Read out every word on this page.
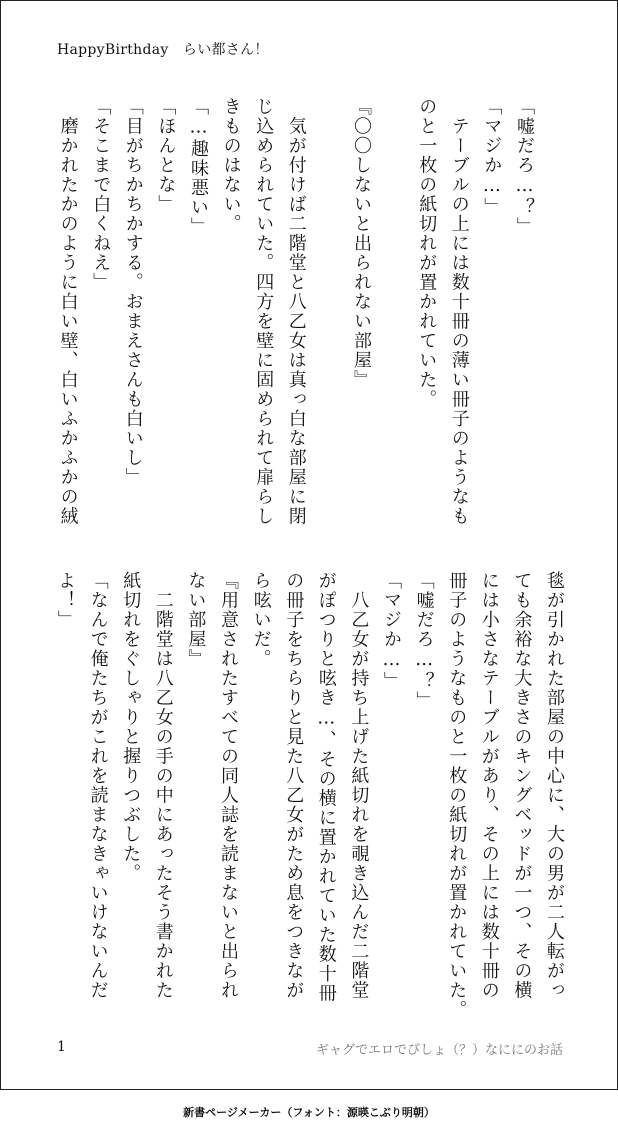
HappyBirthday　らい都さん！
「嘘だろ…？」
「マジか…」
　テーブルの上には数十冊の薄い冊子のようなも
のと一枚の紙切れが置かれていた。
『〇〇しないと出られない部屋』
　気が付けば二階堂と八乙女は真っ白な部屋に閉
じ込められていた。四方を壁に固められて扉らし
きものはない。
「…趣味悪い」
「ほんとな」
「目がちかちかする。おまえさんも白いし」
「そこまで白くねえ」
　磨かれたかのように白い壁、白いふかふかの絨
毯が引かれた部屋の中心に、大の男が二人転がっ
ても余裕な大きさのキングベッドが一つ、その横
には小さなテーブルがあり、その上には数十冊の
冊子のようなものと一枚の紙切れが置かれていた。
「嘘だろ…？」
「マジか…」
　八乙女が持ち上げた紙切れを覗き込んだ二階堂
がぽつりと呟き…、その横に置かれていた数十冊
の冊子をちらりと見た八乙女がため息をつきなが
ら呟いだ。
『用意されたすべての同人誌を読まないと出られ
ない部屋』
　二階堂は八乙女の手の中にあったそう書かれた
紙切れをぐしゃりと握りつぶした。
「なんで俺たちがこれを読まなきゃいけないんだ
よ！」
1	ギャグでエロでぴしょ（？）なににのお話
新書ページメーカー（フォント：源暎こぶり明朝）
